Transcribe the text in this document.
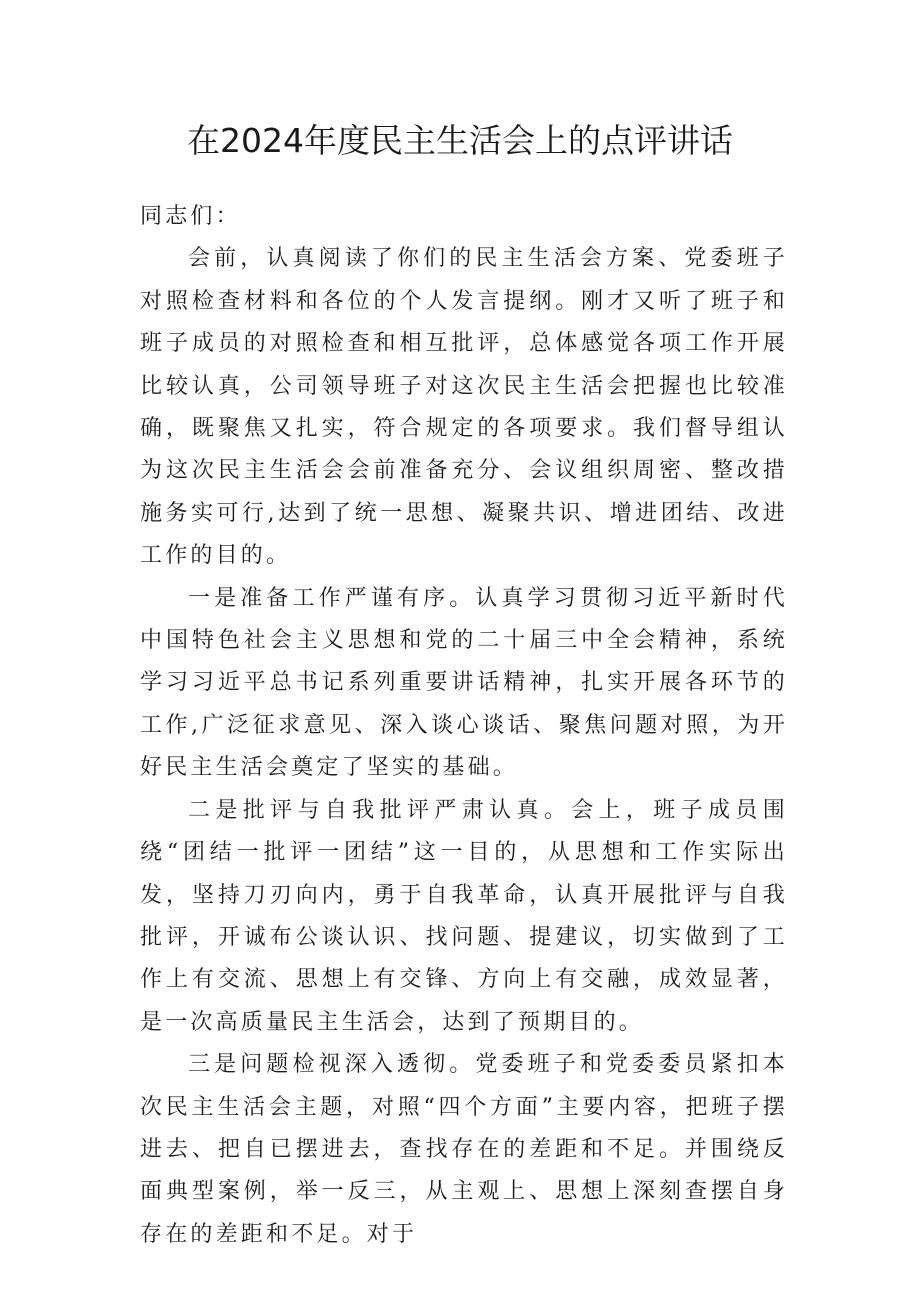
在2024年度民主生活会上的点评讲话

同志们：

会前，认真阅读了你们的民主生活会方案、党委班子对照检查材料和各位的个人发言提纲。刚才又听了班子和班子成员的对照检查和相互批评，总体感觉各项工作开展比较认真，公司领导班子对这次民主生活会把握也比较准确，既聚焦又扎实，符合规定的各项要求。我们督导组认为这次民主生活会会前准备充分、会议组织周密、整改措施务实可行,达到了统一思想、凝聚共识、增进团结、改进工作的目的。

一是准备工作严谨有序。认真学习贯彻习近平新时代中国特色社会主义思想和党的二十届三中全会精神，系统学习习近平总书记系列重要讲话精神，扎实开展各环节的工作,广泛征求意见、深入谈心谈话、聚焦问题对照，为开好民主生活会奠定了坚实的基础。

二是批评与自我批评严肃认真。会上，班子成员围绕“团结一批评一团结”这一目的，从思想和工作实际出发，坚持刀刃向内，勇于自我革命，认真开展批评与自我批评，开诚布公谈认识、找问题、提建议，切实做到了工作上有交流、思想上有交锋、方向上有交融，成效显著，是一次高质量民主生活会，达到了预期目的。

三是问题检视深入透彻。党委班子和党委委员紧扣本次民主生活会主题，对照“四个方面”主要内容，把班子摆进去、把自已摆进去，查找存在的差距和不足。并围绕反面典型案例，举一反三，从主观上、思想上深刻查摆自身存在的差距和不足。对于
